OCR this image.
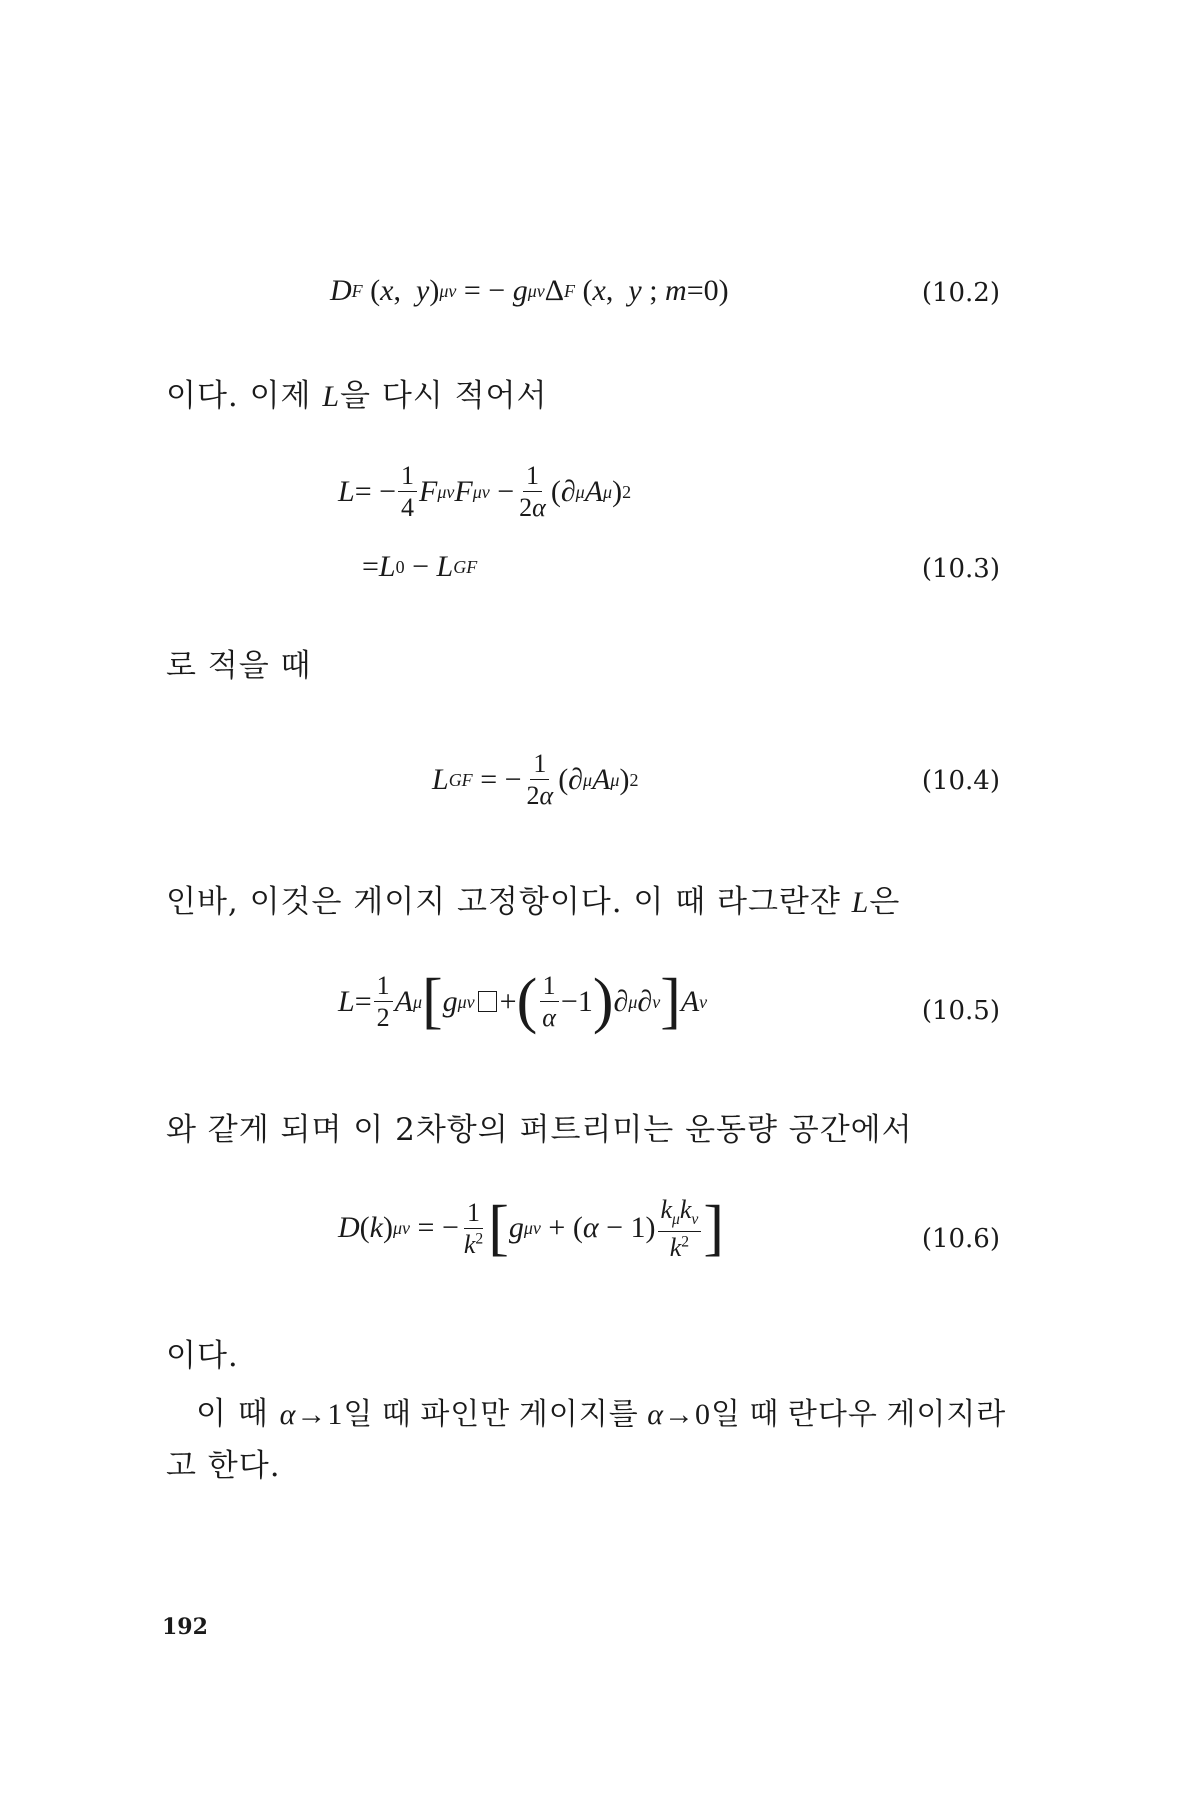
D F ( x , y ) μν = − g μν Δ F ( x , y ; m =0)	(10.2)
이다. 이제 L을 다시 적어서
L = − $\frac{1}{4}$ F μν F $\mu\nu - \frac{1}{2\alpha}$ (∂ μ A μ ) 2
= L 0 − L GF	(10.3)
로 적을 때
L GF = − $\frac{1}{2\alpha}$ (∂ μ A μ ) 2	(10.4)
인바, 이것은 게이지 고정항이다. 이 때 라그란쟌 L은
$L = \frac{1}{2}$ A μ [ g μν + ( $\frac{1}{\alpha} -1$ ) ∂ μ ∂ ν ] A ν	(10.5)
와 같게 되며 이 2차항의 퍼트리미는 운동량 공간에서
D ( k ) μν = − $\frac{1}{k^2}$ [ g μν + ( $\alpha - 1) \frac{k_\mu k_\nu}{k^2}$ ]	(10.6)
이다.
이 때 α→1일 때 파인만 게이지를 α→0일 때 란다우 게이지라
고 한다.
192
